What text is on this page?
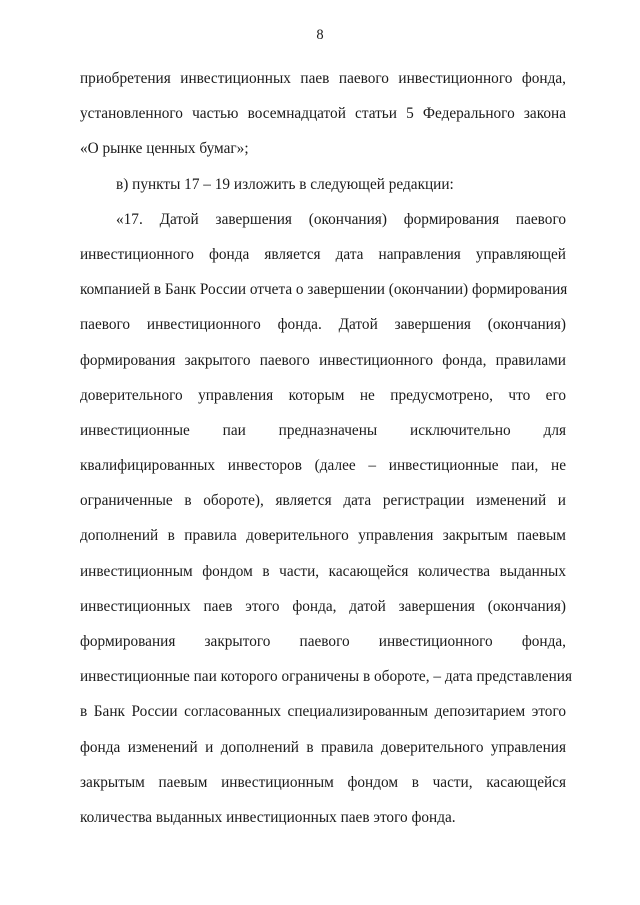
8
приобретения инвестиционных паев паевого инвестиционного фонда,
установленного частью восемнадцатой статьи 5 Федерального закона
«О рынке ценных бумаг»;
в) пункты 17 – 19 изложить в следующей редакции:
«17. Датой завершения (окончания) формирования паевого
инвестиционного фонда является дата направления управляющей
компанией в Банк России отчета о завершении (окончании) формирования
паевого инвестиционного фонда. Датой завершения (окончания)
формирования закрытого паевого инвестиционного фонда, правилами
доверительного управления которым не предусмотрено, что его
инвестиционные паи предназначены исключительно для
квалифицированных инвесторов (далее – инвестиционные паи, не
ограниченные в обороте), является дата регистрации изменений и
дополнений в правила доверительного управления закрытым паевым
инвестиционным фондом в части, касающейся количества выданных
инвестиционных паев этого фонда, датой завершения (окончания)
формирования закрытого паевого инвестиционного фонда,
инвестиционные паи которого ограничены в обороте, – дата представления
в Банк России согласованных специализированным депозитарием этого
фонда изменений и дополнений в правила доверительного управления
закрытым паевым инвестиционным фондом в части, касающейся
количества выданных инвестиционных паев этого фонда.
